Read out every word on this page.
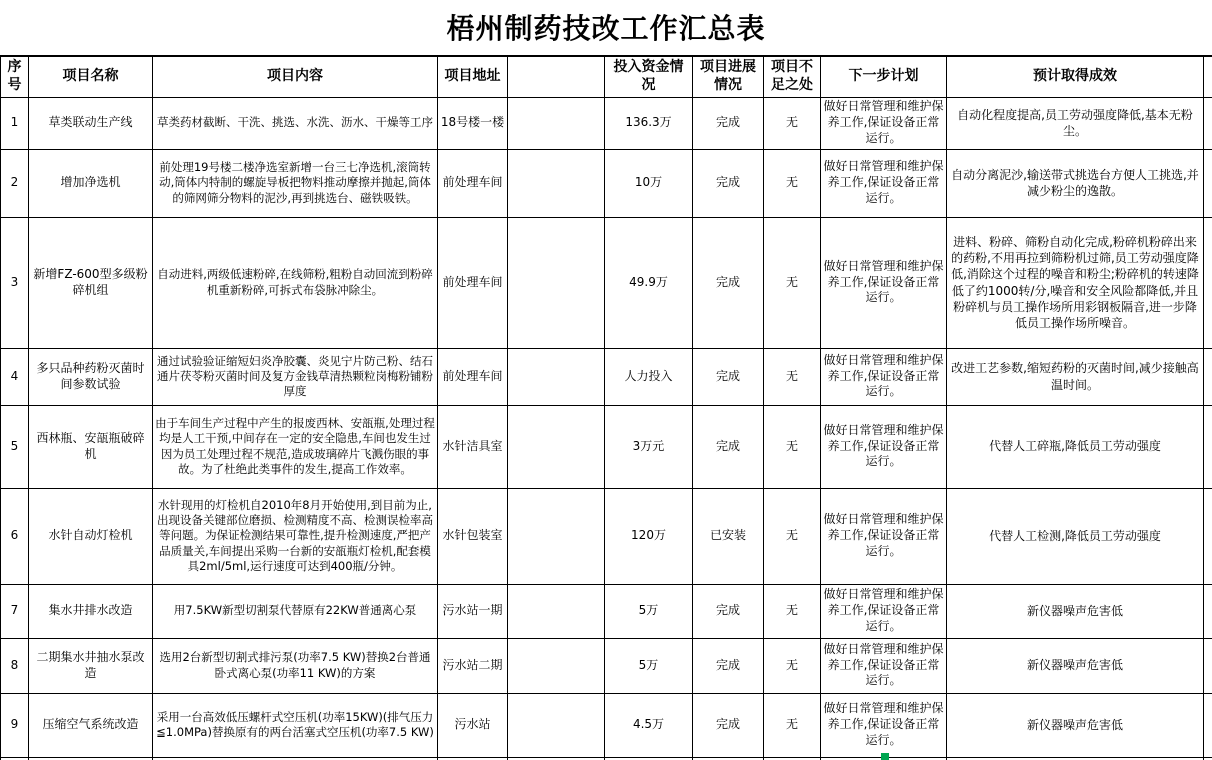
梧州制药技改工作汇总表
序号	项目名称	项目内容	项目地址		投入资金情况	项目进展情况	项目不足之处	下一步计划	预计取得成效	
1	草类联动生产线	草类药材截断、干洗、挑选、水洗、沥水、干燥等工序	18号楼一楼		136.3万	完成	无	做好日常管理和维护保养工作,保证设备正常运行。	自动化程度提高,员工劳动强度降低,基本无粉尘。	
2	增加净选机	前处理19号楼二楼净选室新增一台三七净选机,滚筒转动,筒体内特制的螺旋导板把物料推动摩擦并抛起,筒体的筛网筛分物料的泥沙,再到挑选台、磁铁吸铁。	前处理车间		10万	完成	无	做好日常管理和维护保养工作,保证设备正常运行。	自动分离泥沙,输送带式挑选台方便人工挑选,并减少粉尘的逸散。	
3	新增FZ-600型多级粉碎机组	自动进料,两级低速粉碎,在线筛粉,粗粉自动回流到粉碎机重新粉碎,可拆式布袋脉冲除尘。	前处理车间		49.9万	完成	无	做好日常管理和维护保养工作,保证设备正常运行。	进料、粉碎、筛粉自动化完成,粉碎机粉碎出来的药粉,不用再拉到筛粉机过筛,员工劳动强度降低,消除这个过程的噪音和粉尘;粉碎机的转速降低了约1000转/分,噪音和安全风险都降低,并且粉碎机与员工操作场所用彩钢板隔音,进一步降低员工操作场所噪音。	
4	多只品种药粉灭菌时间参数试验	通过试验验证缩短妇炎净胶囊、炎见宁片防己粉、结石通片茯苓粉灭菌时间及复方金钱草清热颗粒岗梅粉铺粉厚度	前处理车间		人力投入	完成	无	做好日常管理和维护保养工作,保证设备正常运行。	改进工艺参数,缩短药粉的灭菌时间,减少接触高温时间。	
5	西林瓶、安瓿瓶破碎机	由于车间生产过程中产生的报废西林、安瓿瓶,处理过程均是人工干预,中间存在一定的安全隐患,车间也发生过因为员工处理过程不规范,造成玻璃碎片飞溅伤眼的事故。为了杜绝此类事件的发生,提高工作效率。	水针洁具室		3万元	完成	无	做好日常管理和维护保养工作,保证设备正常运行。	代替人工碎瓶,降低员工劳动强度	
6	水针自动灯检机	水针现用的灯检机自2010年8月开始使用,到目前为止,出现设备关键部位磨损、检测精度不高、检测误检率高等问题。为保证检测结果可靠性,提升检测速度,严把产品质量关,车间提出采购一台新的安瓿瓶灯检机,配套模具2ml/5ml,运行速度可达到400瓶/分钟。	水针包装室		120万	已安装	无	做好日常管理和维护保养工作,保证设备正常运行。	代替人工检测,降低员工劳动强度	
7	集水井排水改造	用7.5KW新型切割泵代替原有22KW普通离心泵	污水站一期		5万	完成	无	做好日常管理和维护保养工作,保证设备正常运行。	新仪器噪声危害低	
8	二期集水井抽水泵改造	选用2台新型切割式排污泵(功率7.5 KW)替换2台普通卧式离心泵(功率11 KW)的方案	污水站二期		5万	完成	无	做好日常管理和维护保养工作,保证设备正常运行。	新仪器噪声危害低	
9	压缩空气系统改造	采用一台高效低压螺杆式空压机(功率15KW)(排气压力≦1.0MPa)替换原有的两台活塞式空压机(功率7.5 KW)	污水站		4.5万	完成	无	做好日常管理和维护保养工作,保证设备正常运行。	新仪器噪声危害低	
